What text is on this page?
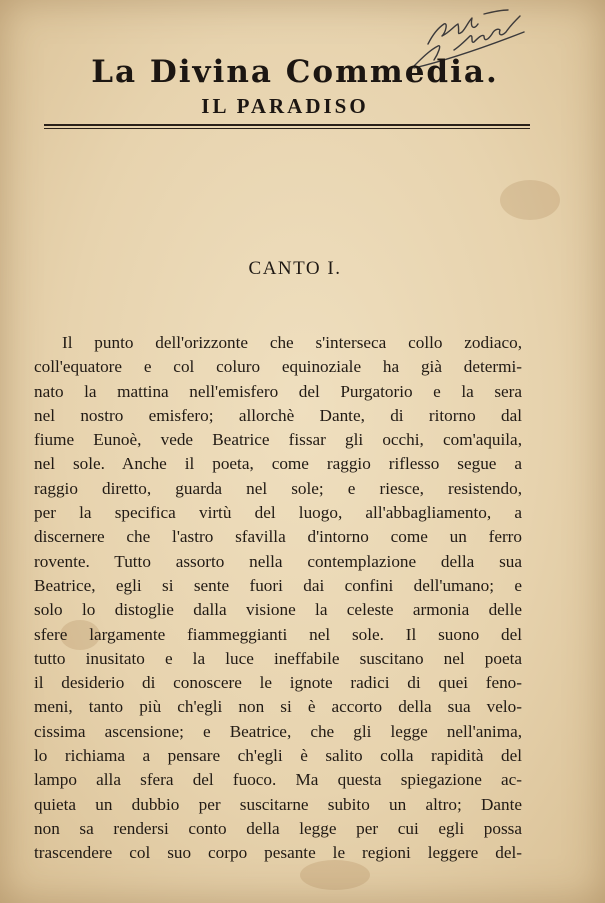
La Divina Commedia.
IL PARADISO
CANTO I.
Il punto dell'orizzonte che s'interseca collo zodiaco,
coll'equatore e col coluro equinoziale ha già determi-
nato la mattina nell'emisfero del Purgatorio e la sera
nel nostro emisfero; allorchè Dante, di ritorno dal
fiume Eunoè, vede Beatrice fissar gli occhi, com'aquila,
nel sole. Anche il poeta, come raggio riflesso segue a
raggio diretto, guarda nel sole; e riesce, resistendo,
per la specifica virtù del luogo, all'abbagliamento, a
discernere che l'astro sfavilla d'intorno come un ferro
rovente. Tutto assorto nella contemplazione della sua
Beatrice, egli si sente fuori dai confini dell'umano; e
solo lo distoglie dalla visione la celeste armonia delle
sfere largamente fiammeggianti nel sole. Il suono del
tutto inusitato e la luce ineffabile suscitano nel poeta
il desiderio di conoscere le ignote radici di quei feno-
meni, tanto più ch'egli non si è accorto della sua velo-
cissima ascensione; e Beatrice, che gli legge nell'anima,
lo richiama a pensare ch'egli è salito colla rapidità del
lampo alla sfera del fuoco. Ma questa spiegazione ac-
quieta un dubbio per suscitarne subito un altro; Dante
non sa rendersi conto della legge per cui egli possa
trascendere col suo corpo pesante le regioni leggere del-
